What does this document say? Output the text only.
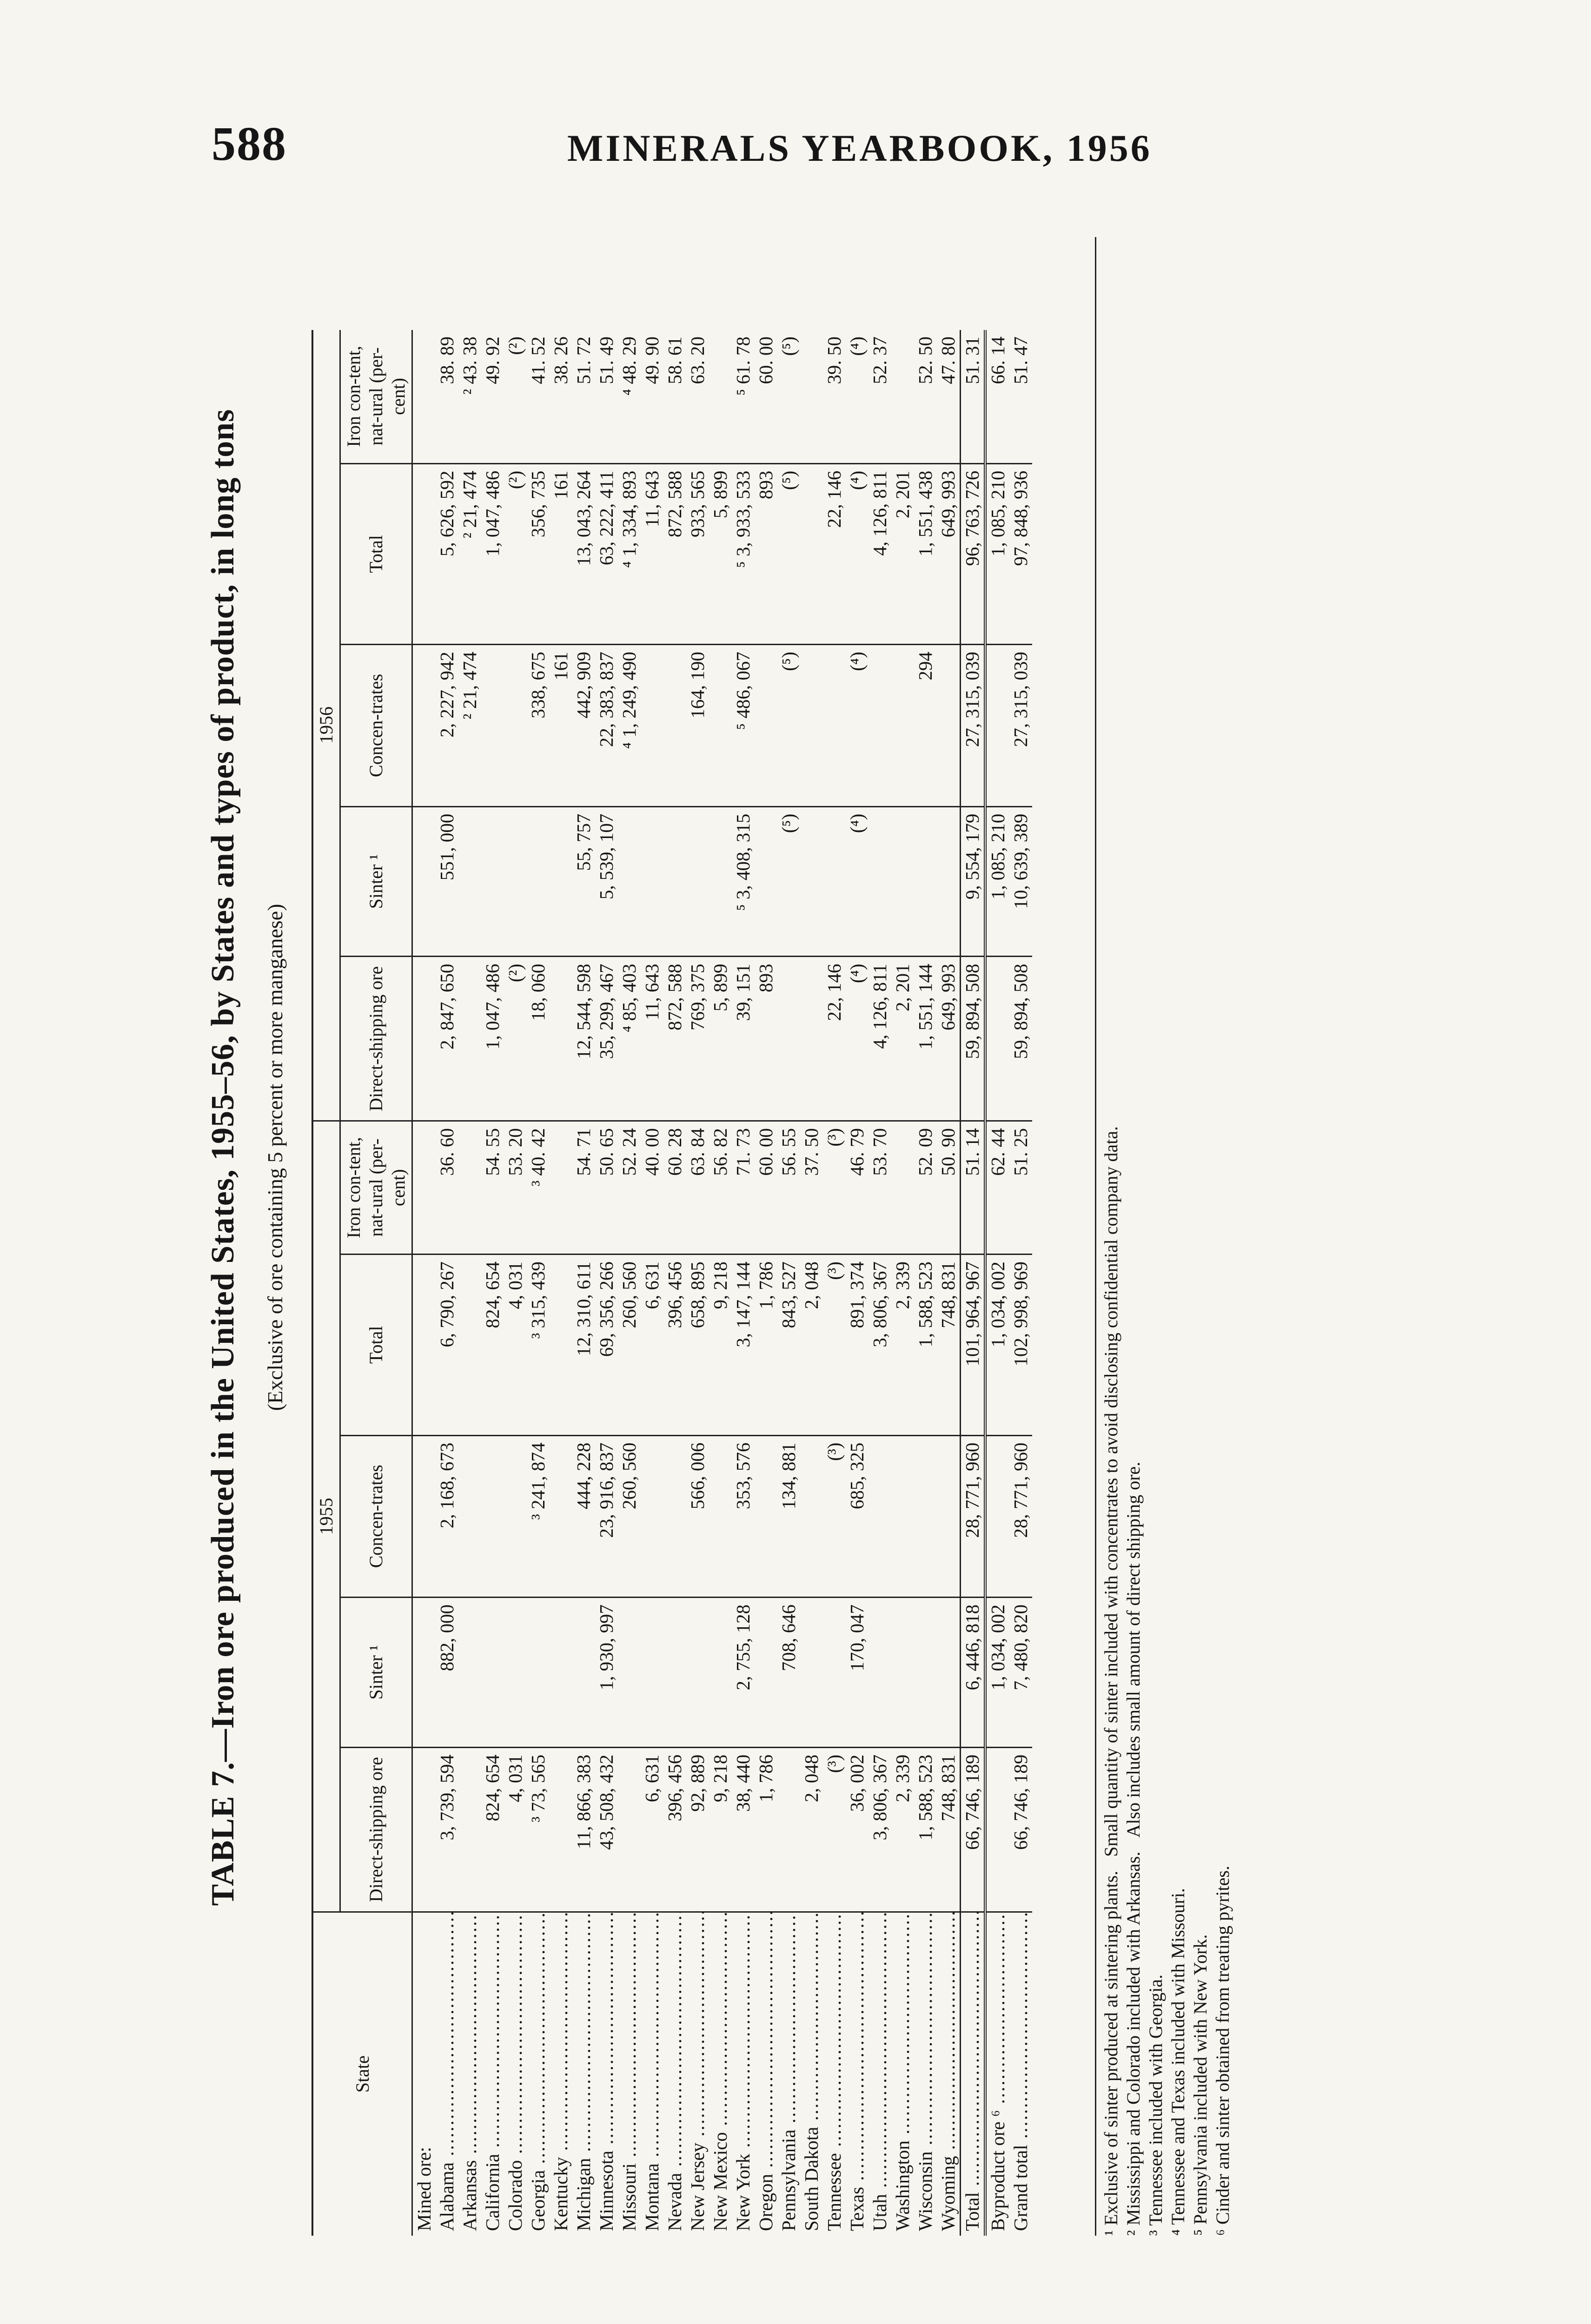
588	MINERALS YEARBOOK, 1956
TABLE 7.—Iron ore produced in the United States, 1955–56, by States and types of product, in long tons (Exclusive of ore containing 5 percent or more manganese)
State	1955					1956				
	Direct-shipping ore	Sinter ¹	Concen-trates	Total	Iron con-tent, nat-ural (per-cent)	Direct-shipping ore	Sinter ¹	Concen-trates	Total	Iron con-tent, nat-ural (per-cent)
Mined ore:										
Alabama .....	3, 739, 594	882, 000	2, 168, 673	6, 790, 267	36. 60	2, 847, 650	551, 000	2, 227, 942	5, 626, 592	38. 89
Arkansas .....								² 21, 474	² 21, 474	² 43. 38
California .....	824, 654			824, 654	54. 55	1, 047, 486			1, 047, 486	49. 92
Colorado .....	4, 031			4, 031	53. 20	(²)			(²)	(²)
Georgia .....	³ 73, 565		³ 241, 874	³ 315, 439	³ 40. 42	18, 060		338, 675	356, 735	41. 52
Kentucky .....								161	161	38. 26
Michigan .....	11, 866, 383		444, 228	12, 310, 611	54. 71	12, 544, 598	55, 757	442, 909	13, 043, 264	51. 72
Minnesota .....	43, 508, 432	1, 930, 997	23, 916, 837	69, 356, 266	50. 65	35, 299, 467	5, 539, 107	22, 383, 837	63, 222, 411	51. 49
Missouri .....			260, 560	260, 560	52. 24	⁴ 85, 403		⁴ 1, 249, 490	⁴ 1, 334, 893	⁴ 48. 29
Montana .....	6, 631			6, 631	40. 00	11, 643			11, 643	49. 90
Nevada .....	396, 456			396, 456	60. 28	872, 588			872, 588	58. 61
New Jersey .....	92, 889		566, 006	658, 895	63. 84	769, 375		164, 190	933, 565	63. 20
New Mexico .....	9, 218			9, 218	56. 82	5, 899			5, 899	
New York .....	38, 440	2, 755, 128	353, 576	3, 147, 144	71. 73	39, 151	⁵ 3, 408, 315	⁵ 486, 067	⁵ 3, 933, 533	⁵ 61. 78
Oregon .....	1, 786			1, 786	60. 00	893			893	60. 00
Pennsylvania .....		708, 646	134, 881	843, 527	56. 55		(⁵)	(⁵)	(⁵)	(⁵)
South Dakota .....	2, 048			2, 048	37. 50					
Tennessee .....	(³)		(³)	(³)	(³)	22, 146			22, 146	39. 50
Texas .....	36, 002	170, 047	685, 325	891, 374	46. 79	(⁴)	(⁴)	(⁴)	(⁴)	(⁴)
Utah .....	3, 806, 367			3, 806, 367	53. 70	4, 126, 811			4, 126, 811	52. 37
Washington .....	2, 339			2, 339		2, 201			2, 201	
Wisconsin .....	1, 588, 523			1, 588, 523	52. 09	1, 551, 144		294	1, 551, 438	52. 50
Wyoming .....	748, 831			748, 831	50. 90	649, 993			649, 993	47. 80
Total .....	66, 746, 189	6, 446, 818	28, 771, 960	101, 964, 967	51. 14	59, 894, 508	9, 554, 179	27, 315, 039	96, 763, 726	51. 31
Byproduct ore ⁶ .....		1, 034, 002		1, 034, 002	62. 44		1, 085, 210		1, 085, 210	66. 14
Grand total .....	66, 746, 189	7, 480, 820	28, 771, 960	102, 998, 969	51. 25	59, 894, 508	10, 639, 389	27, 315, 039	97, 848, 936	51. 47
¹ Exclusive of sinter produced at sintering plants.
Small quantity of sinter included with concentrates to avoid disclosing confidential company data.
² Mississippi and Colorado included with Arkansas.
Also includes small amount of direct shipping ore.
³ Tennessee included with Georgia. ⁴ Tennessee and Texas included with Missouri. ⁵ Pennsylvania included with New York. ⁶ Cinder and sinter obtained from treating pyrites.
